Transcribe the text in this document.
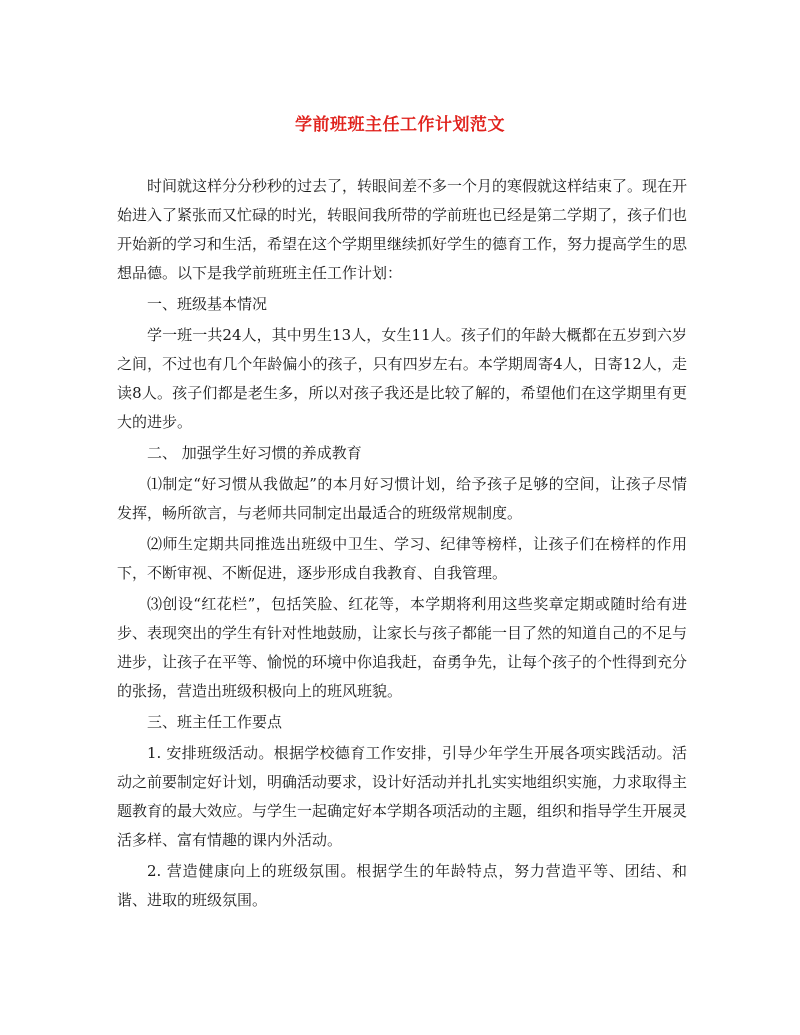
学前班班主任工作计划范文

时间就这样分分秒秒的过去了，转眼间差不多一个月的寒假就这样结束了。现在开始进入了紧张而又忙碌的时光，转眼间我所带的学前班也已经是第二学期了，孩子们也开始新的学习和生活，希望在这个学期里继续抓好学生的德育工作，努力提高学生的思想品德。以下是我学前班班主任工作计划：

一、班级基本情况

学一班一共24人，其中男生13人，女生11人。孩子们的年龄大概都在五岁到六岁之间，不过也有几个年龄偏小的孩子，只有四岁左右。本学期周寄4人，日寄12人，走读8人。孩子们都是老生多，所以对孩子我还是比较了解的，希望他们在这学期里有更大的进步。

二、 加强学生好习惯的养成教育

⑴制定“好习惯从我做起”的本月好习惯计划，给予孩子足够的空间，让孩子尽情发挥，畅所欲言，与老师共同制定出最适合的班级常规制度。

⑵师生定期共同推选出班级中卫生、学习、纪律等榜样，让孩子们在榜样的作用下，不断审视、不断促进，逐步形成自我教育、自我管理。

⑶创设“红花栏”，包括笑脸、红花等，本学期将利用这些奖章定期或随时给有进步、表现突出的学生有针对性地鼓励，让家长与孩子都能一目了然的知道自己的不足与进步，让孩子在平等、愉悦的环境中你追我赶，奋勇争先，让每个孩子的个性得到充分的张扬，营造出班级积极向上的班风班貌。

三、班主任工作要点

1. 安排班级活动。根据学校德育工作安排，引导少年学生开展各项实践活动。活动之前要制定好计划，明确活动要求，设计好活动并扎扎实实地组织实施，力求取得主题教育的最大效应。与学生一起确定好本学期各项活动的主题，组织和指导学生开展灵活多样、富有情趣的课内外活动。

2. 营造健康向上的班级氛围。根据学生的年龄特点，努力营造平等、团结、和谐、进取的班级氛围。
